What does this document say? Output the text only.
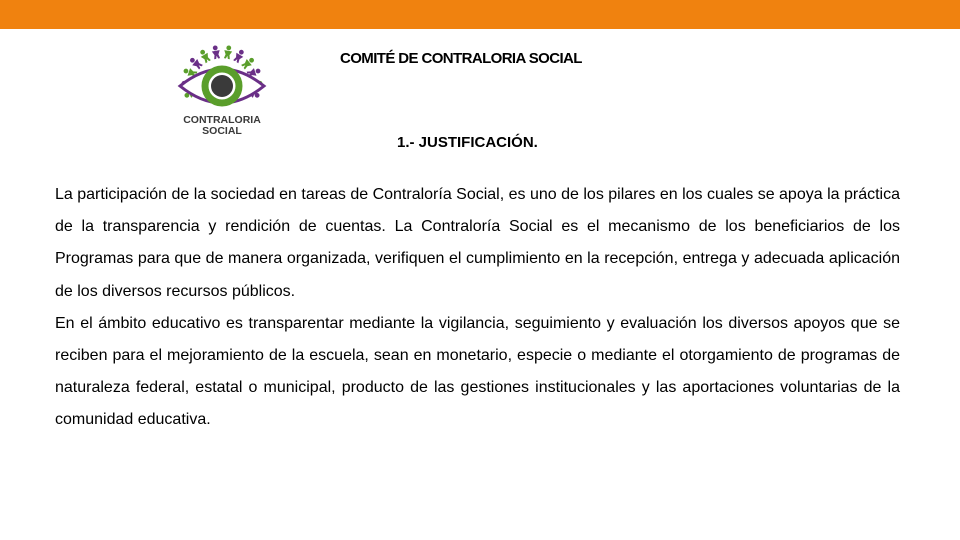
CONTRALORIA
SOCIAL
COMITÉ DE CONTRALORIA SOCIAL
1.- JUSTIFICACIÓN.

La participación de la sociedad en tareas de Contraloría Social, es uno de los pilares en los cuales se apoya la práctica de la transparencia y rendición de cuentas. La Contraloría Social es el mecanismo de los beneficiarios de los Programas para que de manera organizada, verifiquen el cumplimiento en la recepción, entrega y adecuada aplicación de los diversos recursos públicos.

En el ámbito educativo es transparentar mediante la vigilancia, seguimiento y evaluación los diversos apoyos que se reciben para el mejoramiento de la escuela, sean en monetario, especie o mediante el otorgamiento de programas de naturaleza federal, estatal o municipal, producto de las gestiones institucionales y las aportaciones voluntarias de la comunidad educativa.
